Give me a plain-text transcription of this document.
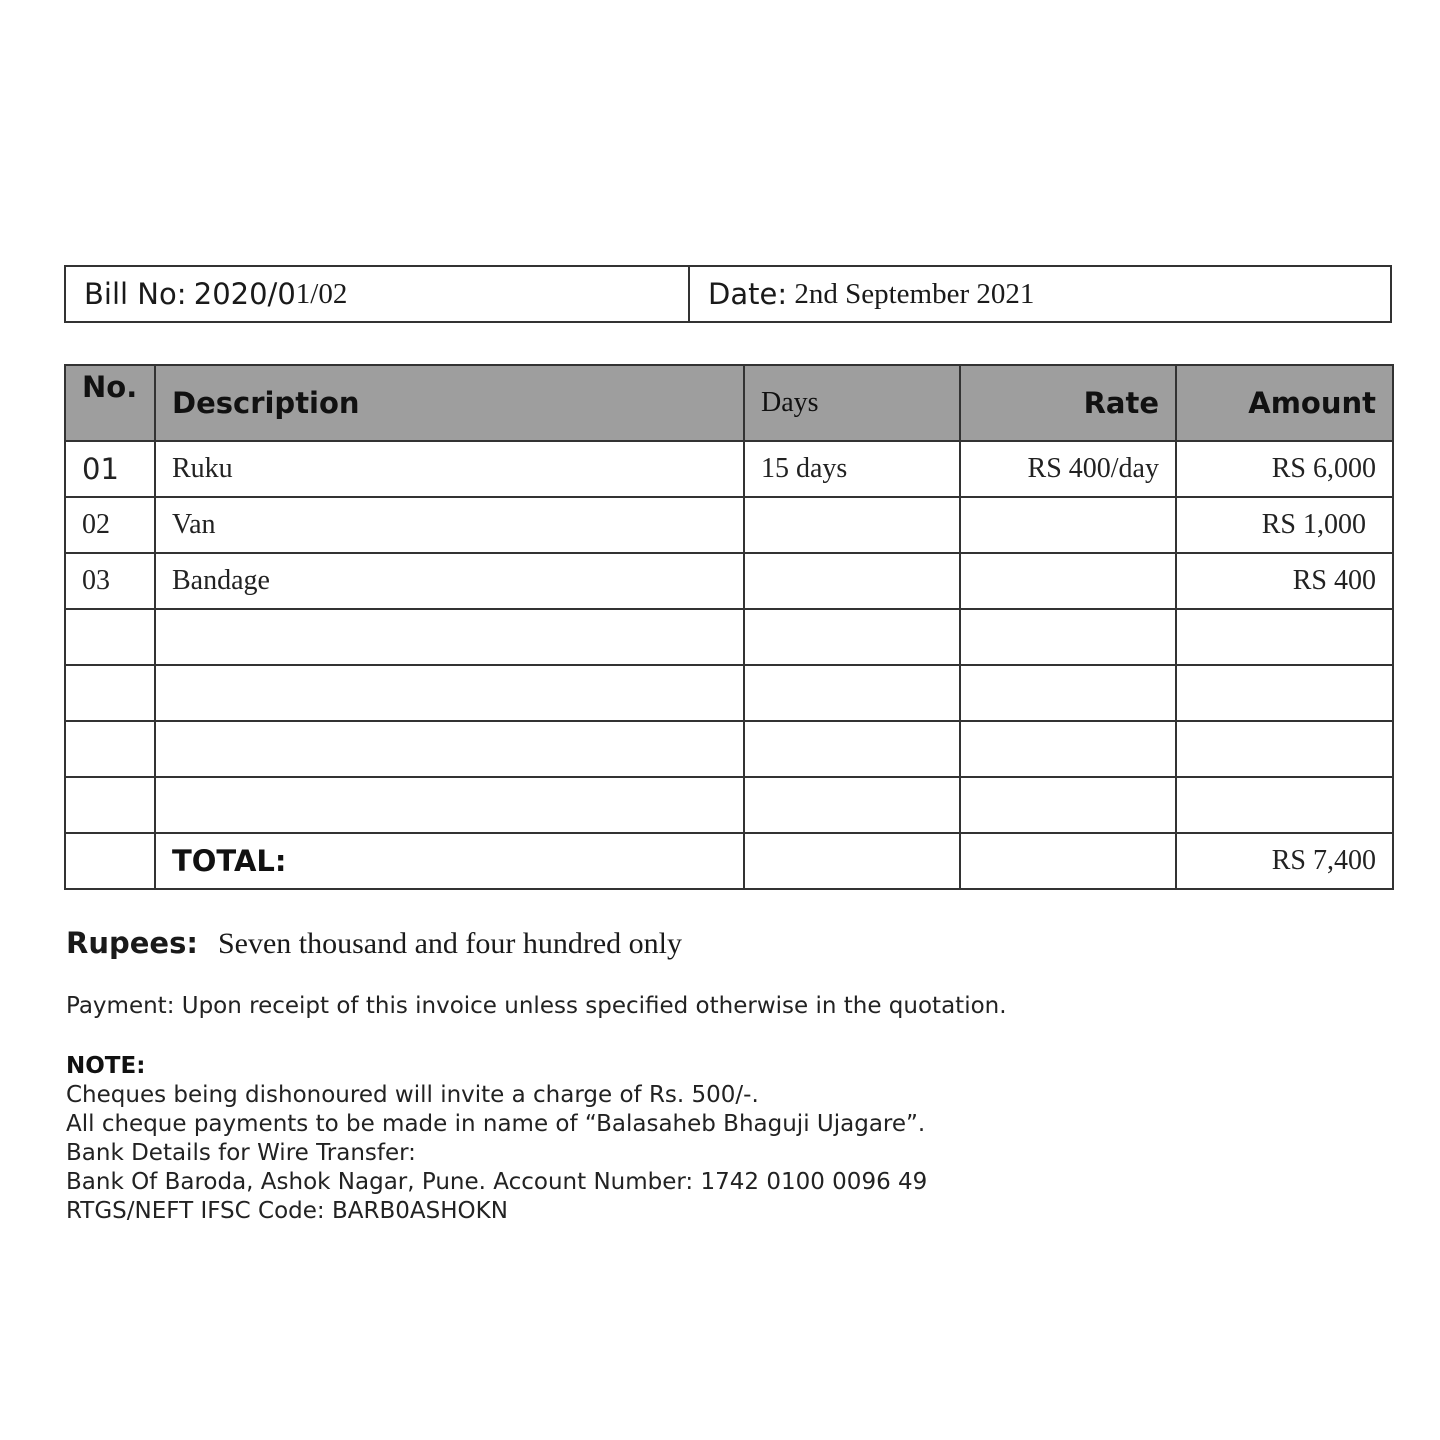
Bill No:
2020/0 1/02	Date:
2nd September 2021
No.	Description	Days	Rate	Amount
01	Ruku	15 days	RS 400/day	RS 6,000
02	Van			RS 1,000
03	Bandage			RS 400

	TOTAL:			RS 7,400
Rupees: Seven thousand and four hundred only
Payment: Upon receipt of this invoice unless specified otherwise in the quotation.
NOTE:
Cheques being dishonoured will invite a charge of Rs. 500/-.
All cheque payments to be made in name of “Balasaheb Bhaguji Ujagare”.
Bank Details for Wire Transfer:
Bank Of Baroda, Ashok Nagar, Pune. Account Number: 1742 0100 0096 49
RTGS/NEFT IFSC Code: BARB0ASHOKN
